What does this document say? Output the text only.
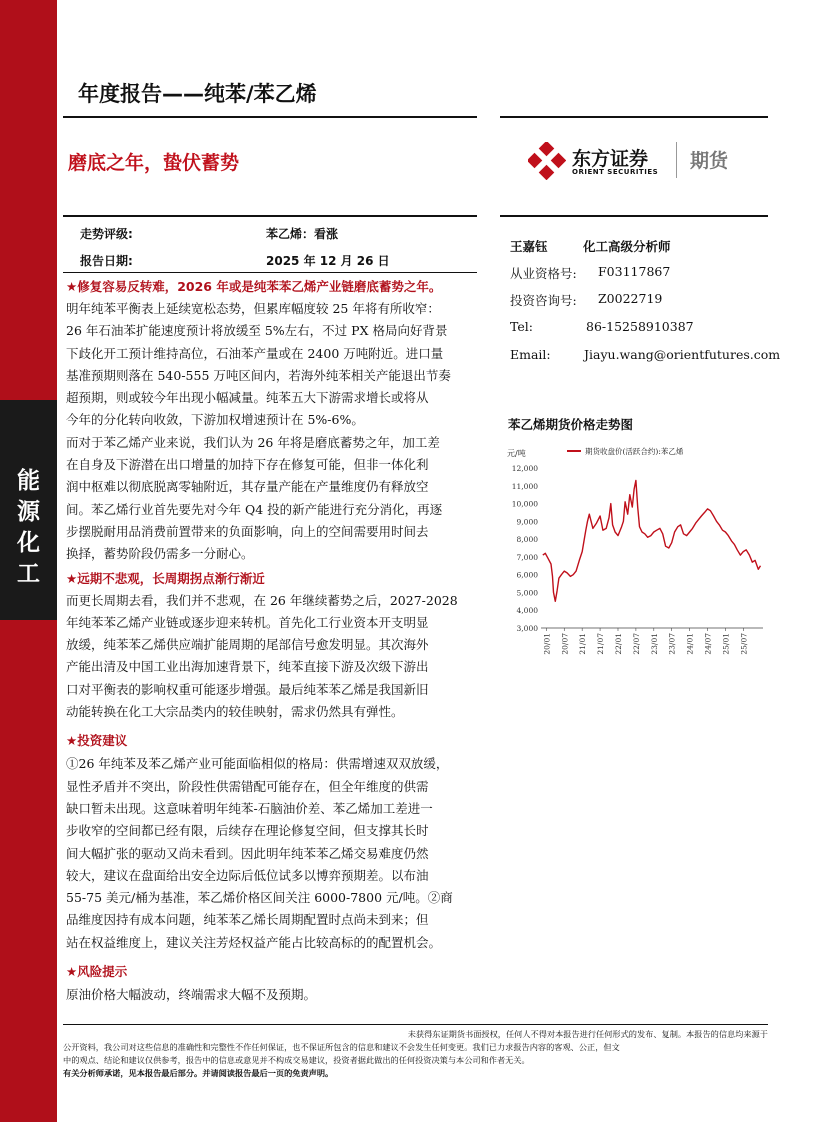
能
源
化
工
年度报告——纯苯/苯乙烯
磨底之年，蛰伏蓄势	东方证券
ORIENT SECURITIES 期货
走势评级:	苯乙烯：看涨
报告日期:	2025 年 12 月 26 日
王嘉钰	化工高级分析师
从业资格号: F03117867
投资咨询号: Z0022719
Tel:	86-15258910387
Email:	Jiayu.wang@orientfutures.com
★修复容易反转难，2026 年或是纯苯苯乙烯产业链磨底蓄势之年。
明年纯苯平衡表上延续宽松态势，但累库幅度较 25 年将有所收窄：
26 年石油苯扩能速度预计将放缓至 5%左右，不过 PX 格局向好背景
下歧化开工预计维持高位，石油苯产量或在 2400 万吨附近。进口量
基准预期则落在 540-555 万吨区间内，若海外纯苯相关产能退出节奏
超预期，则或较今年出现小幅减量。纯苯五大下游需求增长或将从
今年的分化转向收敛，下游加权增速预计在 5%-6%。
而对于苯乙烯产业来说，我们认为 26 年将是磨底蓄势之年，加工差
在自身及下游潜在出口增量的加持下存在修复可能，但非一体化利
润中枢难以彻底脱离零轴附近，其存量产能在产量维度仍有释放空
间。苯乙烯行业首先要先对今年 Q4 投的新产能进行充分消化，再逐
步摆脱耐用品消费前置带来的负面影响，向上的空间需要用时间去
换择，蓄势阶段仍需多一分耐心。
★远期不悲观，长周期拐点渐行渐近
而更长周期去看，我们并不悲观，在 26 年继续蓄势之后，2027-2028
年纯苯苯乙烯产业链或逐步迎来转机。首先化工行业资本开支明显
放缓，纯苯苯乙烯供应端扩能周期的尾部信号愈发明显。其次海外
产能出清及中国工业出海加速背景下，纯苯直接下游及次级下游出
口对平衡表的影响权重可能逐步增强。最后纯苯苯乙烯是我国新旧
动能转换在化工大宗品类内的较佳映射，需求仍然具有弹性。
★投资建议
①26 年纯苯及苯乙烯产业可能面临相似的格局：供需增速双双放缓，
显性矛盾并不突出，阶段性供需错配可能存在，但全年维度的供需
缺口暂未出现。这意味着明年纯苯-石脑油价差、苯乙烯加工差进一
步收窄的空间都已经有限，后续存在理论修复空间，但支撑其长时
间大幅扩张的驱动又尚未看到。因此明年纯苯苯乙烯交易难度仍然
较大，建议在盘面给出安全边际后低位试多以博弈预期差。以布油
55-75 美元/桶为基准，苯乙烯价格区间关注 6000-7800 元/吨。②商
品维度因持有成本问题，纯苯苯乙烯长周期配置时点尚未到来；但
站在权益维度上，建议关注芳烃权益产能占比较高标的的配置机会。
★风险提示
原油价格大幅波动，终端需求大幅不及预期。
苯乙烯期货价格走势图
元/吨	期货收盘价(活跃合约):苯乙烯
12,000
11,000
10,000
9,000
8,000
7,000
6,000
5,000
4,000
3,000
20/01 20/07 21/01 21/07 22/01 22/07 23/01 23/07 24/01 24/07 25/01 25/07
未获得东证期货书面授权，任何人不得对本报告进行任何形式的发布、复制。本报告的信息均来源于
公开资料，我公司对这些信息的准确性和完整性不作任何保证，也不保证所包含的信息和建议不会发生任何变更。我们已力求报告内容的客观、公正，但文
中的观点、结论和建议仅供参考，报告中的信息或意见并不构成交易建议，投资者据此做出的任何投资决策与本公司和作者无关。
有关分析师承诺，见本报告最后部分。并请阅读报告最后一页的免责声明。
